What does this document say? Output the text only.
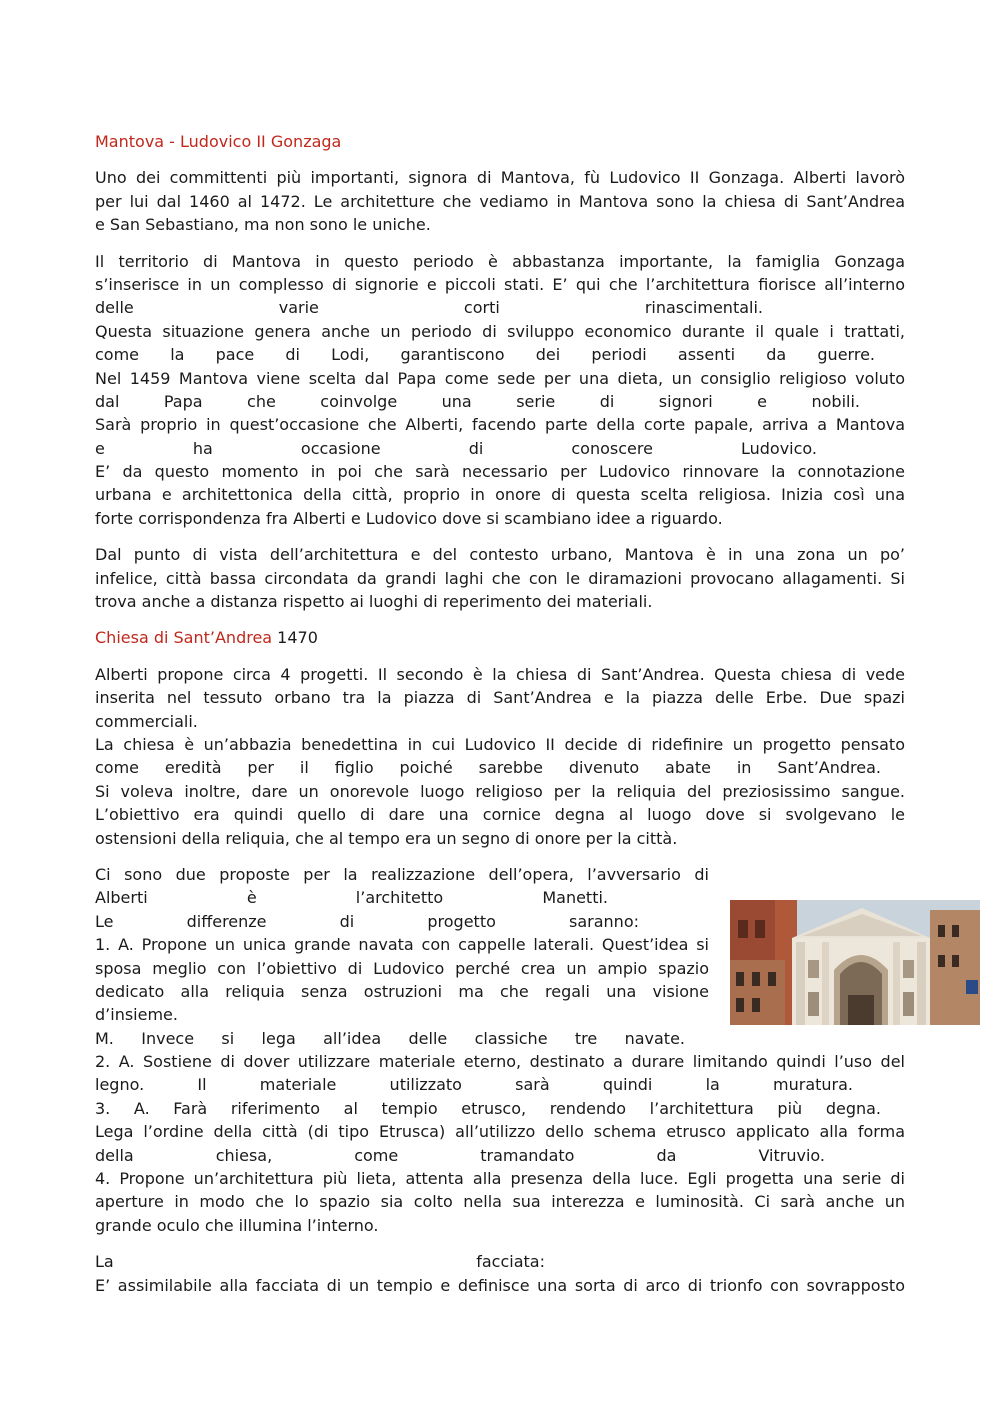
Mantova - Ludovico II Gonzaga
Uno dei committenti più importanti, signora di Mantova, fù Ludovico II Gonzaga. Alberti lavorò
per lui dal 1460 al 1472. Le architetture che vediamo in Mantova sono la chiesa di Sant’Andrea
e San Sebastiano, ma non sono le uniche.
Il territorio di Mantova in questo periodo è abbastanza importante, la famiglia Gonzaga
s’inserisce in un complesso di signorie e piccoli stati. E’ qui che l’architettura fiorisce all’interno
delle varie corti rinascimentali.
Questa situazione genera anche un periodo di sviluppo economico durante il quale i trattati,
come la pace di Lodi, garantiscono dei periodi assenti da guerre.
Nel 1459 Mantova viene scelta dal Papa come sede per una dieta, un consiglio religioso voluto
dal Papa che coinvolge una serie di signori e nobili.
Sarà proprio in quest’occasione che Alberti, facendo parte della corte papale, arriva a Mantova
e ha occasione di conoscere Ludovico.
E’ da questo momento in poi che sarà necessario per Ludovico rinnovare la connotazione
urbana e architettonica della città, proprio in onore di questa scelta religiosa. Inizia così una
forte corrispondenza fra Alberti e Ludovico dove si scambiano idee a riguardo.
Dal punto di vista dell’architettura e del contesto urbano, Mantova è in una zona un po’
infelice, città bassa circondata da grandi laghi che con le diramazioni provocano allagamenti. Si
trova anche a distanza rispetto ai luoghi di reperimento dei materiali.
Chiesa di Sant’Andrea 1470
Alberti propone circa 4 progetti. Il secondo è la chiesa di Sant’Andrea. Questa chiesa di vede
inserita nel tessuto orbano tra la piazza di Sant’Andrea e la piazza delle Erbe. Due spazi
commerciali.
La chiesa è un’abbazia benedettina in cui Ludovico II decide di ridefinire un progetto pensato
come eredità per il figlio poiché sarebbe divenuto abate in Sant’Andrea.
Si voleva inoltre, dare un onorevole luogo religioso per la reliquia del preziosissimo sangue.
L’obiettivo era quindi quello di dare una cornice degna al luogo dove si svolgevano le
ostensioni della reliquia, che al tempo era un segno di onore per la città.
Ci sono due proposte per la realizzazione dell’opera, l’avversario di
Alberti è l’architetto Manetti.
Le differenze di progetto saranno:
1. A. Propone un unica grande navata con cappelle laterali. Quest’idea si
sposa meglio con l’obiettivo di Ludovico perché crea un ampio spazio
dedicato alla reliquia senza ostruzioni ma che regali una visione
d’insieme.
M. Invece si lega all’idea delle classiche tre navate.
2. A. Sostiene di dover utilizzare materiale eterno, destinato a durare limitando quindi l’uso del
legno. Il materiale utilizzato sarà quindi la muratura.
3. A. Farà riferimento al tempio etrusco, rendendo l’architettura più degna.
Lega l’ordine della città (di tipo Etrusca) all’utilizzo dello schema etrusco applicato alla forma
della chiesa, come tramandato da Vitruvio.
4. Propone un’architettura più lieta, attenta alla presenza della luce. Egli progetta una serie di
aperture in modo che lo spazio sia colto nella sua interezza e luminosità. Ci sarà anche un
grande oculo che illumina l’interno.
La facciata:
E’ assimilabile alla facciata di un tempio e definisce una sorta di arco di trionfo con sovrapposto
